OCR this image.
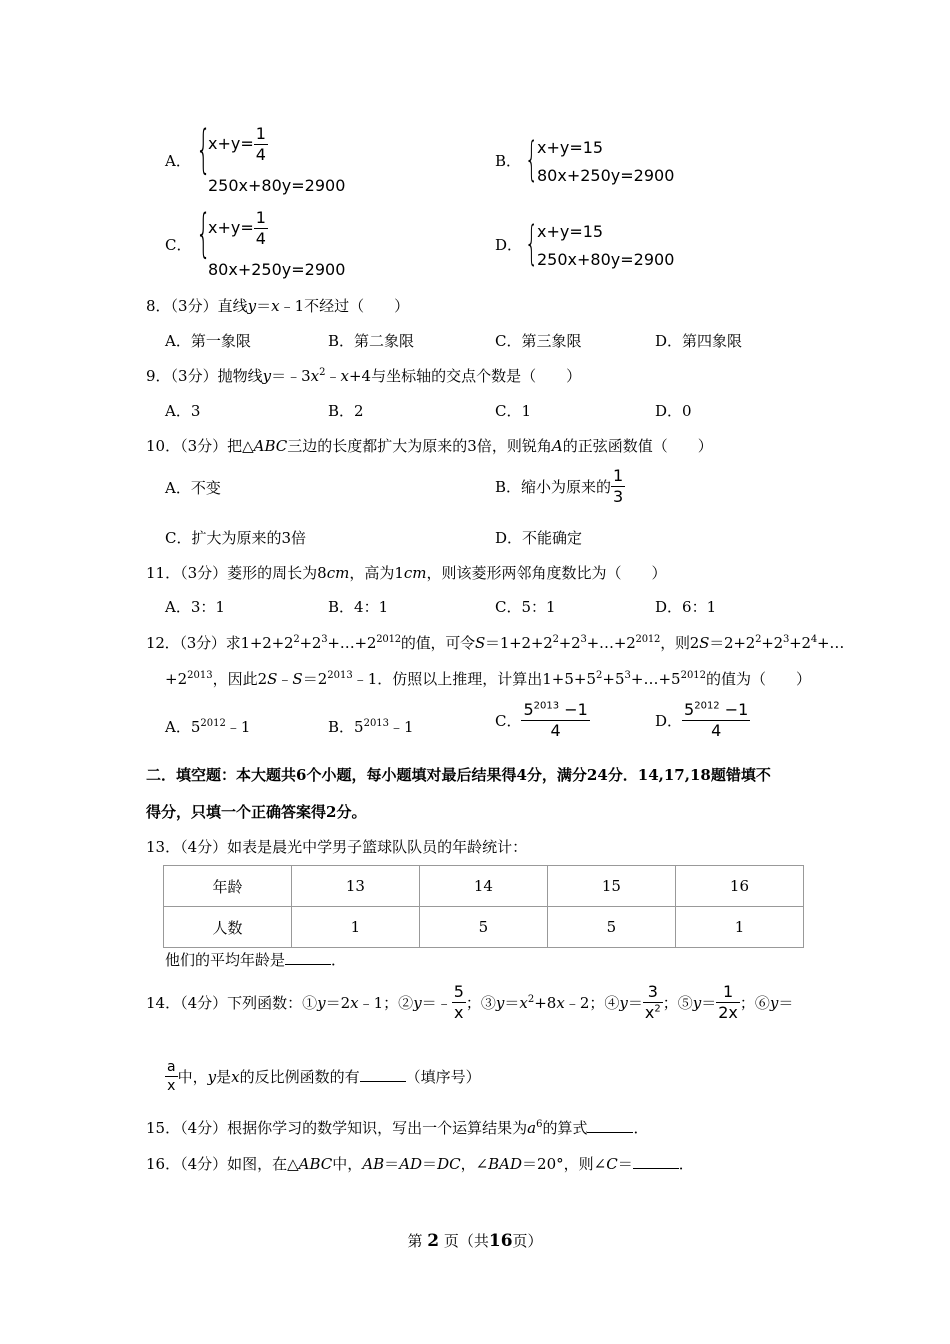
A． {
$x+y= \frac{1}{4}$
250x+80y=2900
B． {
x+y=15
80x+250y=2900
C． {
$x+y= \frac{1}{4}$
80x+250y=2900
D． {
x+y=15
250x+80y=2900
8．（3分）直线y＝x﹣1不经过（　　）
A．第一象限	B．第二象限	C．第三象限	D．第四象限
9．（3分）抛物线$y=﹣3x^2﹣x+4$与坐标轴的交点个数是（　　）
A．3	B．2	C．1	D．0
10．（3分）把△ABC三边的长度都扩大为原来的3倍，则锐角A的正弦函数值（　　）
A．不变	B．缩小为原来的 $\frac{1}{3}$
C．扩大为原来的3倍	D．不能确定
11．（3分）菱形的周长为8cm，高为1cm，则该菱形两邻角度数比为（　　）
A．3：1	B．4：1	C．5：1	D．6：1
12．（3分）求$1+2+2^2+2^3+\dots+2^{2012}$的值，可令$S=1+2+2^2+2^3+\dots+2^{2012}$，则$2S=2+2^2+2^3+2^4+\dots$
$+2^{2013}$，因此$2S﹣S=2^{2013}﹣1$．仿照以上推理，计算出$1+5+5^2+5^3+\dots+5^{2012}$的值为（　　）
A．$5^{2012}﹣1$	B．$5^{2013}﹣1$	C． $\frac{5^{2013} -1}{4}$	D． $\frac{5^{2012} -1}{4}$
二．填空题：本大题共6个小题，每小题填对最后结果得4分，满分24分．14,17,18题错填不
得分，只填一个正确答案得2分。
13．（4分）如表是晨光中学男子篮球队队员的年龄统计：
年龄	13	14	15	16
人数	1	5	5	1
他们的平均年龄是	．
14．（4分）下列函数：①y＝2x﹣1；②y＝﹣ $\frac{5}{x}$ ；$③y=x^2+8x﹣2$；④y＝ $\frac{3}{x^2}$ ；⑤y＝ $\frac{1}{2x}$ ；⑥y＝
$\frac{a}{x}$ 中，y是x的反比例函数的有	（填序号）
15．（4分）根据你学习的数学知识，写出一个运算结果为$a^6$的算式	．
16．（4分）如图，在△ABC中，AB＝AD＝DC，∠BAD＝20°，则∠C＝	．
第 2 页（共16页）
